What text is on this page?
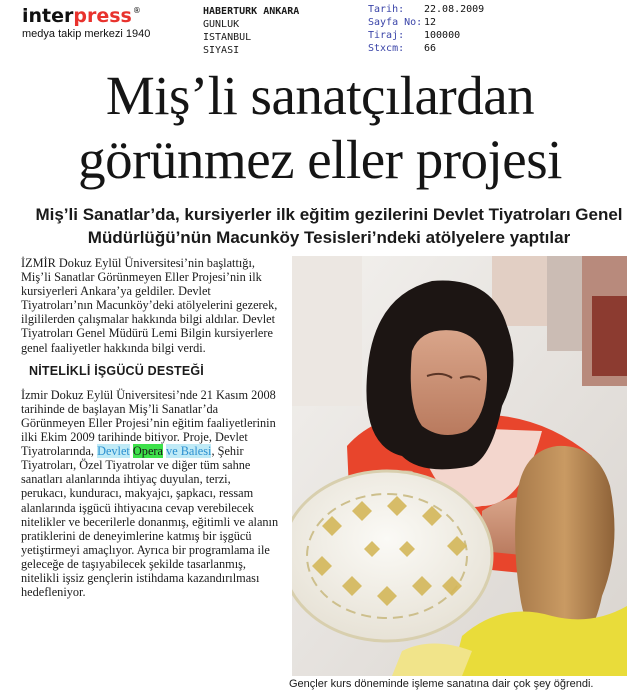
inter press ®
medya takip merkezi 1940
HABERTURK ANKARA
GUNLUK
ISTANBUL
SIYASI
Tarih:	22.08.2009
Sayfa No: 12
Tiraj:	100000
Stxcm:	66
Miş’li sanatçılardan
görünmez eller projesi
Miş’li Sanatlar’da, kursiyerler ilk eğitim gezilerini Devlet Tiyatroları Genel Müdürlüğü’nün Macunköy Tesisleri’ndeki atölyelere yaptılar

İZMİR Dokuz Eylül Üniversitesi’nin başlattığı, Miş’li Sanatlar Görünmeyen Eller Projesi’nin ilk kursiyerleri Ankara’ya geldiler. Devlet Tiyatroları’nın Macunköy’deki atölyelerini gezerek, ilgililerden çalışmalar hakkında bilgi aldılar. Devlet Tiyatroları Genel Müdürü Lemi Bilgin kursiyerlere genel faaliyetler hakkında bilgi verdi.

NİTELİKLİ İŞGÜCÜ DESTEĞİ

İzmir Dokuz Eylül Üniversitesi’nde 21 Kasım 2008 tarihinde de başlayan Miş’li Sanatlar’da Görünmeyen Eller Projesi’nin eğitim faaliyetlerinin ilki Ekim 2009 tarihinde bitiyor. Proje, Devlet Tiyatrolarında, Devlet Opera ve Balesi, Şehir Tiyatroları, Özel Tiyatrolar ve diğer tüm sahne sanatları alanlarında ihtiyaç duyulan, terzi, perukacı, kunduracı, makyajcı, şapkacı, ressam alanlarında işgücü ihtiyacına cevap verebilecek nitelikler ve becerilerle donanmış, eğitimli ve alanın pratiklerini de deneyimlerine katmış bir işgücü yetiştirmeyi amaçlıyor. Ayrıca bir programlama ile geleceğe de taşıyabilecek şekilde tasarlanmış, nitelikli işsiz gençlerin istihdama kazandırılması hedefleniyor.

Gençler kurs döneminde işleme sanatına dair çok şey öğrendi.
